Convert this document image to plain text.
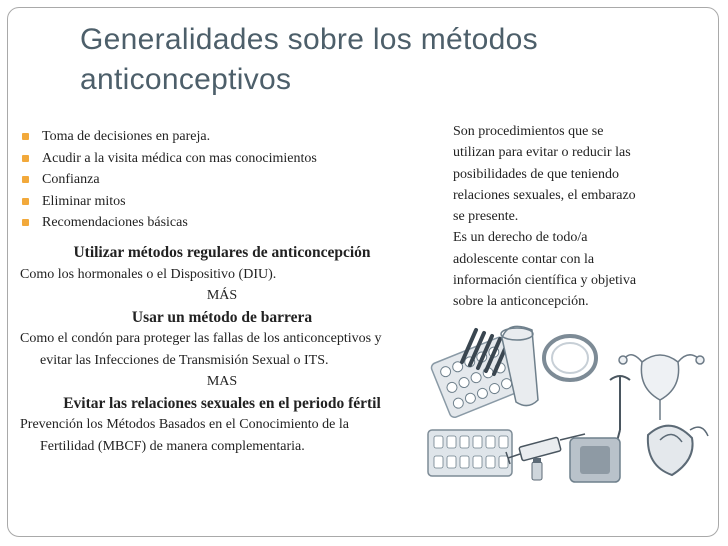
Generalidades sobre los métodos
anticonceptivos
Toma de decisiones en pareja.
Acudir a la visita médica con mas conocimientos
Confianza
Eliminar mitos
Recomendaciones básicas
Utilizar métodos regulares de anticoncepción
Como los hormonales o el Dispositivo (DIU).
MÁS
Usar un método de barrera
Como el condón para proteger las fallas de los anticonceptivos y
evitar las Infecciones de Transmisión Sexual o ITS.
MAS
Evitar las relaciones sexuales en el periodo fértil
Prevención los Métodos Basados en el Conocimiento de la
Fertilidad (MBCF) de manera complementaria.
Son procedimientos que se
utilizan para evitar o reducir las
posibilidades de que teniendo
relaciones sexuales, el embarazo
se presente.
Es un derecho de todo/a
adolescente contar con la
información científica y objetiva
sobre la anticoncepción.
